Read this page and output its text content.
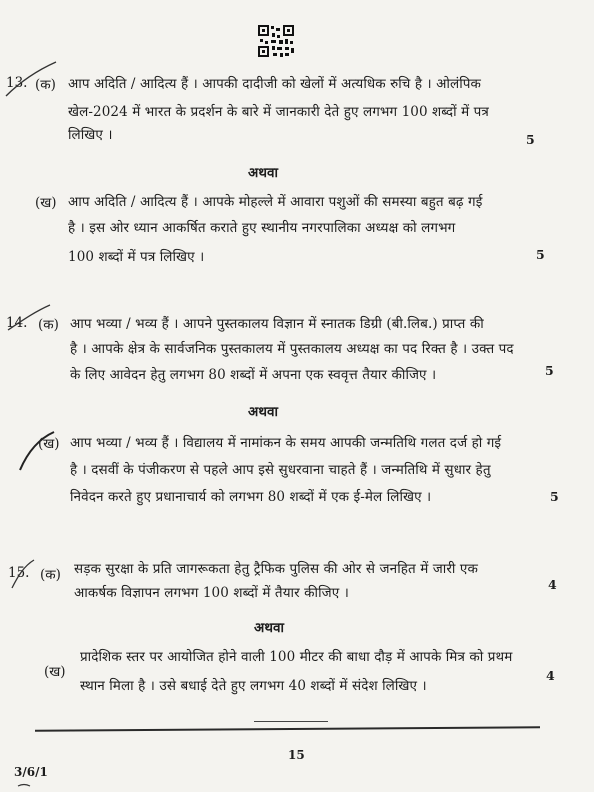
13. (क) आप अदिति / आदित्य हैं । आपकी दादीजी को खेलों में अत्यधिक रुचि है । ओलंपिक
खेल-2024 में भारत के प्रदर्शन के बारे में जानकारी देते हुए लगभग 100 शब्दों में पत्र
लिखिए ।	5
अथवा
(ख) आप अदिति / आदित्य हैं । आपके मोहल्ले में आवारा पशुओं की समस्या बहुत बढ़ गई
है । इस ओर ध्यान आकर्षित कराते हुए स्थानीय नगरपालिका अध्यक्ष को लगभग
100 शब्दों में पत्र लिखिए ।	5
14. (क) आप भव्या / भव्य हैं । आपने पुस्तकालय विज्ञान में स्नातक डिग्री (बी.लिब.) प्राप्त की
है । आपके क्षेत्र के सार्वजनिक पुस्तकालय में पुस्तकालय अध्यक्ष का पद रिक्त है । उक्त पद
के लिए आवेदन हेतु लगभग 80 शब्दों में अपना एक स्ववृत्त तैयार कीजिए ।	5
अथवा
(ख) आप भव्या / भव्य हैं । विद्यालय में नामांकन के समय आपकी जन्मतिथि गलत दर्ज हो गई
है । दसवीं के पंजीकरण से पहले आप इसे सुधरवाना चाहते हैं । जन्मतिथि में सुधार हेतु
निवेदन करते हुए प्रधानाचार्य को लगभग 80 शब्दों में एक ई-मेल लिखिए ।	5
15. (क) सड़क सुरक्षा के प्रति जागरूकता हेतु ट्रैफिक पुलिस की ओर से जनहित में जारी एक
आकर्षक विज्ञापन लगभग 100 शब्दों में तैयार कीजिए ।
4
अथवा
(ख)
प्रादेशिक स्तर पर आयोजित होने वाली 100 मीटर की बाधा दौड़ में आपके मित्र को प्रथम
स्थान मिला है । उसे बधाई देते हुए लगभग 40 शब्दों में संदेश लिखिए ।
4
15
3/6/1
